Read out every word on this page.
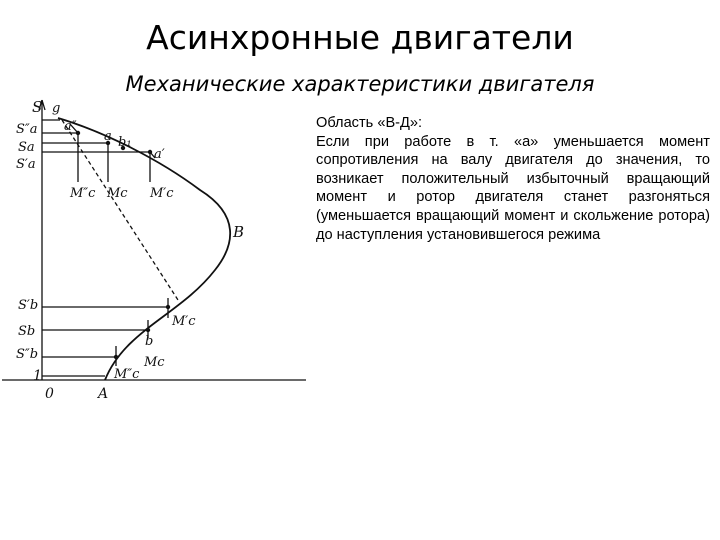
Асинхронные двигатели
Механические характеристики двигателя
S g
0
1
S″a
Sa
S′a
S′b
Sb
S″b
a″
a b₁
a′
B
b
A
M″c Mc M′c
M′c
M″c
Mc
Область «В-Д»:
Если при работе в т. «а» уменьшается момент сопротивления на валу двигателя до значения, то возникает положительный избыточный вращающий момент и ротор двигателя станет разгоняться (уменьшается вращающий момент и скольжение ротора) до наступления установившегося режима
